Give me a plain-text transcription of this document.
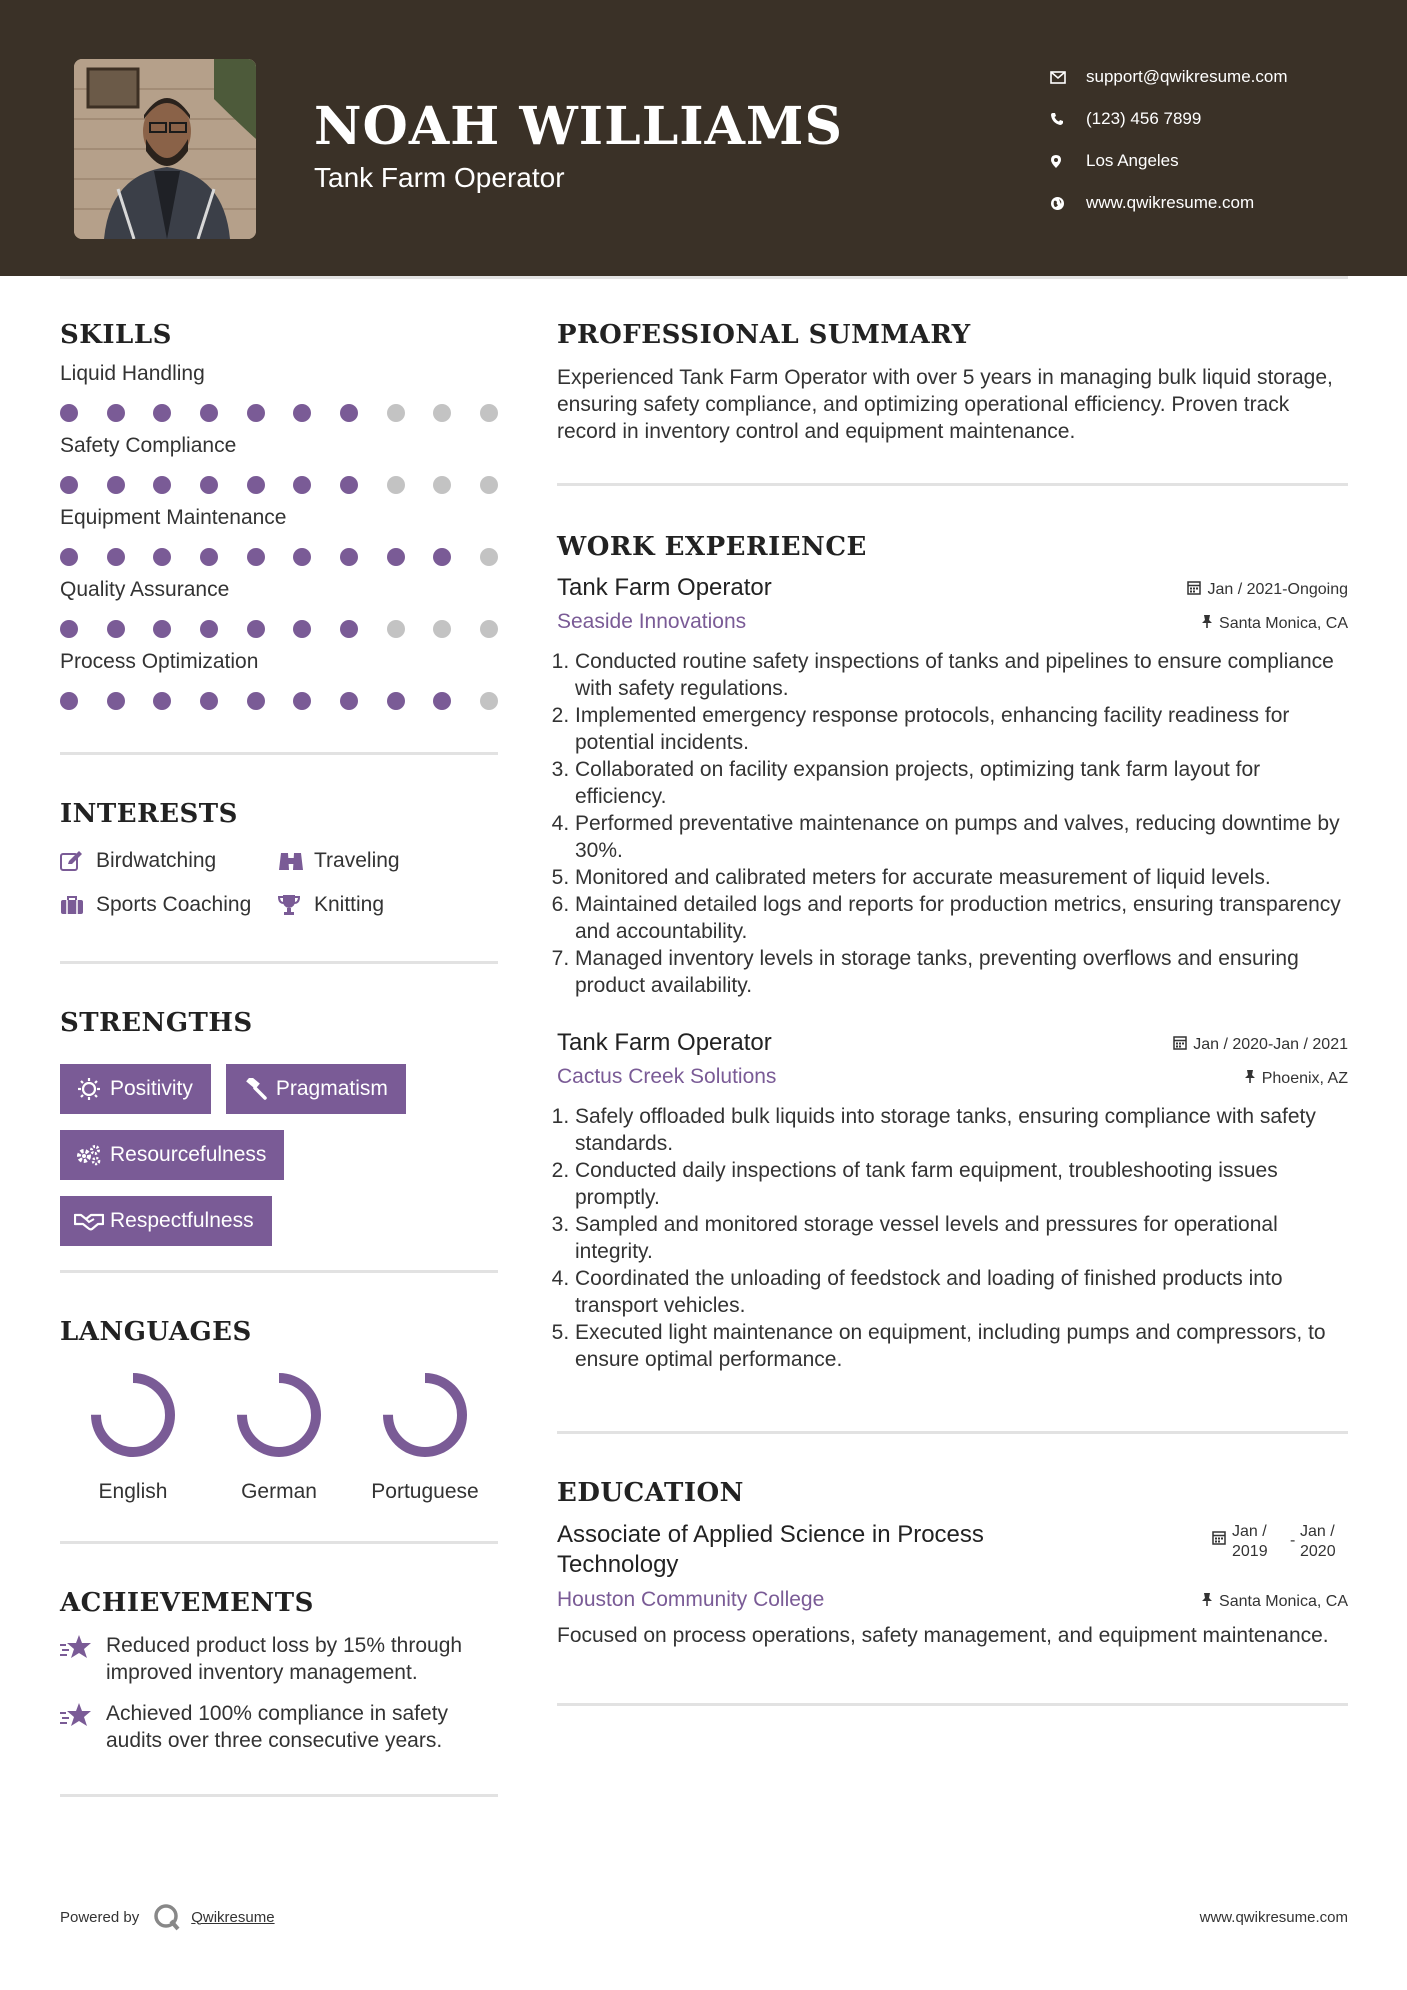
NOAH WILLIAMS
Tank Farm Operator
support@qwikresume.com
(123) 456 7899
Los Angeles
www.qwikresume.com
SKILLS
Liquid Handling
Safety Compliance
Equipment Maintenance
Quality Assurance
Process Optimization
INTERESTS
Birdwatching	Traveling
Sports Coaching	Knitting
STRENGTHS
Positivity	Pragmatism
Resourcefulness
Respectfulness
LANGUAGES
English	German	Portuguese
ACHIEVEMENTS
Reduced product loss by 15% through improved inventory management.
Achieved 100% compliance in safety audits over three consecutive years.
PROFESSIONAL SUMMARY
Experienced Tank Farm Operator with over 5 years in managing bulk liquid storage, ensuring safety compliance, and optimizing operational efficiency. Proven track record in inventory control and equipment maintenance.
WORK EXPERIENCE
Tank Farm Operator	Jan / 2021-Ongoing
Seaside Innovations	Santa Monica, CA
1. Conducted routine safety inspections of tanks and pipelines to ensure compliance with safety regulations.
2. Implemented emergency response protocols, enhancing facility readiness for potential incidents.
3. Collaborated on facility expansion projects, optimizing tank farm layout for efficiency.
4. Performed preventative maintenance on pumps and valves, reducing downtime by 30%.
5. Monitored and calibrated meters for accurate measurement of liquid levels.
6. Maintained detailed logs and reports for production metrics, ensuring transparency and accountability.
7. Managed inventory levels in storage tanks, preventing overflows and ensuring product availability.
Tank Farm Operator	Jan / 2020-Jan / 2021
Cactus Creek Solutions	Phoenix, AZ
1. Safely offloaded bulk liquids into storage tanks, ensuring compliance with safety standards.
2. Conducted daily inspections of tank farm equipment, troubleshooting issues promptly.
3. Sampled and monitored storage vessel levels and pressures for operational integrity.
4. Coordinated the unloading of feedstock and loading of finished products into transport vehicles.
5. Executed light maintenance on equipment, including pumps and compressors, to ensure optimal performance.
EDUCATION
Associate of Applied Science in Process Technology
Jan / 2019
-
Jan / 2020
Houston Community College	Santa Monica, CA
Focused on process operations, safety management, and equipment maintenance.
Powered by	Qwikresume	www.qwikresume.com
